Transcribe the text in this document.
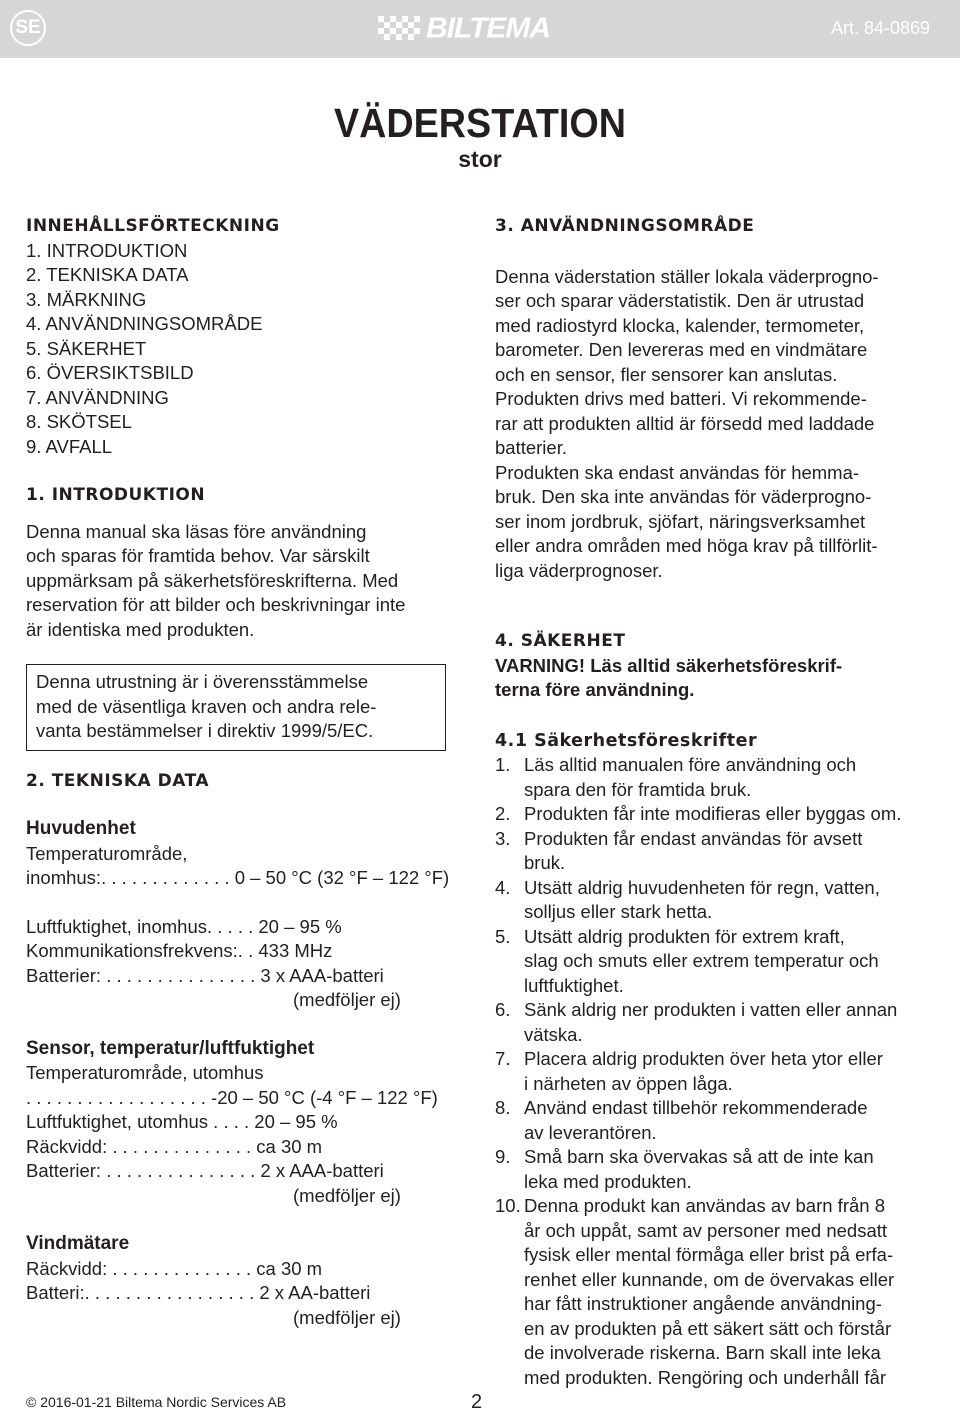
SE	BILTEMA	Art. 84-0869
VÄDERSTATION
stor
INNEHÅLLSFÖRTECKNING

1. INTRODUKTION

2. TEKNISKA DATA

3. MÄRKNING

4. ANVÄNDNINGSOMRÅDE

5. SÄKERHET

6. ÖVERSIKTSBILD

7. ANVÄNDNING

8. SKÖTSEL

9. AVFALL

1. INTRODUKTION

Denna manual ska läsas före användning

och sparas för framtida behov. Var särskilt

uppmärksam på säkerhetsföreskrifterna. Med

reservation för att bilder och beskrivningar inte

är identiska med produkten.

Denna utrustning är i överensstämmelse

med de väsentliga kraven och andra rele-

vanta bestämmelser i direktiv 1999/5/EC.

2. TEKNISKA DATA
Huvudenhet

Temperaturområde,

inomhus:. . . . . . . . . . . . . 0 – 50 °C (32 °F – 122 °F)

Luftfuktighet, inomhus. . . . . 20 – 95 %

Kommunikationsfrekvens:. . 433 MHz

Batterier: . . . . . . . . . . . . . . . 3 x AAA-batteri

(medföljer ej)

Sensor, temperatur/luftfuktighet

Temperaturområde, utomhus

. . . . . . . . . . . . . . . . . . -20 – 50 °C (-4 °F – 122 °F)

Luftfuktighet, utomhus . . . . 20 – 95 %

Räckvidd: . . . . . . . . . . . . . . ca 30 m

Batterier: . . . . . . . . . . . . . . . 2 x AAA-batteri

(medföljer ej)

Vindmätare

Räckvidd: . . . . . . . . . . . . . . ca 30 m

Batteri:. . . . . . . . . . . . . . . . . 2 x AA-batteri

(medföljer ej)

3. ANVÄNDNINGSOMRÅDE

Denna väderstation ställer lokala väderprogno-

ser och sparar väderstatistik. Den är utrustad

med radiostyrd klocka, kalender, termometer,

barometer. Den levereras med en vindmätare

och en sensor, fler sensorer kan anslutas.

Produkten drivs med batteri. Vi rekommende-

rar att produkten alltid är försedd med laddade

batterier.

Produkten ska endast användas för hemma-

bruk. Den ska inte användas för väderprogno-

ser inom jordbruk, sjöfart, näringsverksamhet

eller andra områden med höga krav på tillförlit-

liga väderprognoser.

4. SÄKERHET

VARNING! Läs alltid säkerhetsföreskrif-

terna före användning.

4.1 Säkerhetsföreskrifter
1. Läs alltid manualen före användning och
spara den för framtida bruk.
2. Produkten får inte modifieras eller byggas om.
3. Produkten får endast användas för avsett
bruk.
4. Utsätt aldrig huvudenheten för regn, vatten,
solljus eller stark hetta.
5. Utsätt aldrig produkten för extrem kraft,
slag och smuts eller extrem temperatur och
luftfuktighet.
6. Sänk aldrig ner produkten i vatten eller annan
vätska.
7. Placera aldrig produkten över heta ytor eller
i närheten av öppen låga.
8. Använd endast tillbehör rekommenderade
av leverantören.
9. Små barn ska övervakas så att de inte kan
leka med produkten.
10. Denna produkt kan användas av barn från 8
år och uppåt, samt av personer med nedsatt
fysisk eller mental förmåga eller brist på erfa-
renhet eller kunnande, om de övervakas eller
har fått instruktioner angående användning-
en av produkten på ett säkert sätt och förstår
de involverade riskerna. Barn skall inte leka
med produkten. Rengöring och underhåll får
© 2016-01-21 Biltema Nordic Services AB	2
